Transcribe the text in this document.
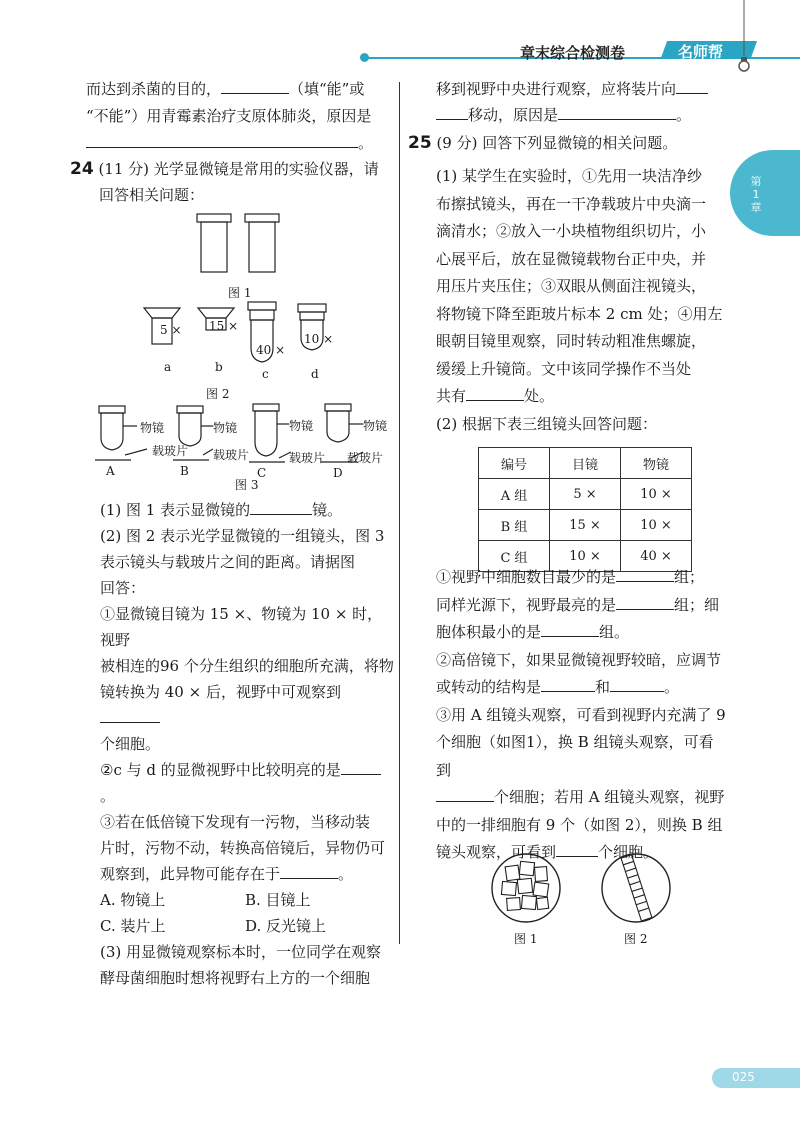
章末综合检测卷	名师帮
第1章

而达到杀菌的目的，	（填“能”或

“不能”）用青霉素治疗支原体肺炎，原因是

。

24 (11 分) 光学显微镜是常用的实验仪器，请

回答相关问题：

图 1
5 × 15 ×
40 ×
10 ×
a	b	c	d
图 2
物镜
载玻片
物镜
载玻片
物镜
载玻片
物镜
载玻片
A	B	C	D
图 3

(1) 图 1 表示显微镜的	镜。

(2) 图 2 表示光学显微镜的一组镜头，图 3

表示镜头与载玻片之间的距离。请据图

回答：

①显微镜目镜为 15 ×、物镜为 10 × 时，视野

被相连的96 个分生组织的细胞所充满，将物

镜转换为 40 × 后，视野中可观察到

个细胞。

②c 与 d 的显微视野中比较明亮的是。

③若在低倍镜下发现有一污物，当移动装

片时，污物不动，转换高倍镜后，异物仍可

观察到，此异物可能存在于	。

A. 物镜上	B. 目镜上

C. 装片上	D. 反光镜上

(3) 用显微镜观察标本时，一位同学在观察

酵母菌细胞时想将视野右上方的一个细胞

移到视野中央进行观察，应将装片向

移动，原因是	。

25 (9 分) 回答下列显微镜的相关问题。

(1) 某学生在实验时，①先用一块洁净纱

布擦拭镜头，再在一干净载玻片中央滴一

滴清水；②放入一小块植物组织切片，小

心展平后，放在显微镜载物台正中央，并

用压片夹压住；③双眼从侧面注视镜头，

将物镜下降至距玻片标本 2 cm 处；④用左

眼朝目镜里观察，同时转动粗准焦螺旋，

缓缓上升镜筒。文中该同学操作不当处

共有	处。

(2) 根据下表三组镜头回答问题：

编号	目镜	物镜
A 组	5 ×	10 ×
B 组	15 ×	10 ×
C 组	10 ×	40 ×

①视野中细胞数目最少的是	组；

同样光源下，视野最亮的是	组；细

胞体积最小的是	组。

②高倍镜下，如果显微镜视野较暗，应调节

或转动的结构是	和	。

③用 A 组镜头观察，可看到视野内充满了 9

个细胞（如图1），换 B 组镜头观察，可看到

个细胞；若用 A 组镜头观察，视野

中的一排细胞有 9 个（如图 2），则换 B 组

镜头观察，可看到	个细胞。

图 1	图 2
025
